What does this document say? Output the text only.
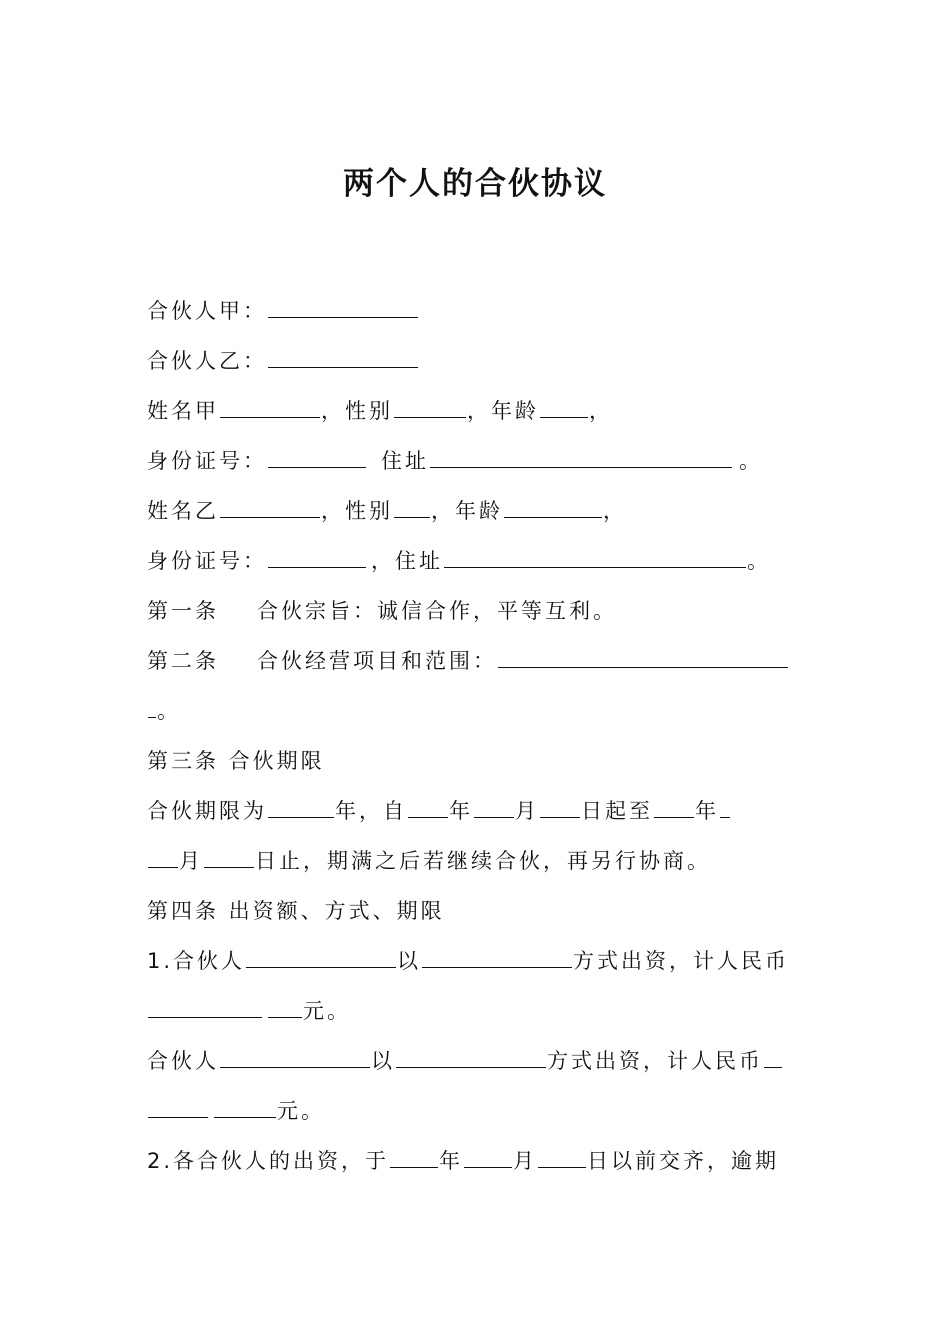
两个人的合伙协议
合伙人甲：
合伙人乙：
姓名甲	，性别	，年龄 ，
身份证号：	住址	。
姓名乙	，性别 ，年龄	，
身份证号：	，住址	。
第一条 合伙宗旨：诚信合作，平等互利。
第二条 合伙经营项目和范围：
。
第三条 合伙期限
合伙期限为	年，自 年 月 日起至 年
月 日止，期满之后若继续合伙，再另行协商。
第四条 出资额、方式、期限
1.合伙人	以	方式出资，计人民币
元。
合伙人	以	方式出资，计人民币
元。
2.各合伙人的出资，于 年 月 日以前交齐，逾期
